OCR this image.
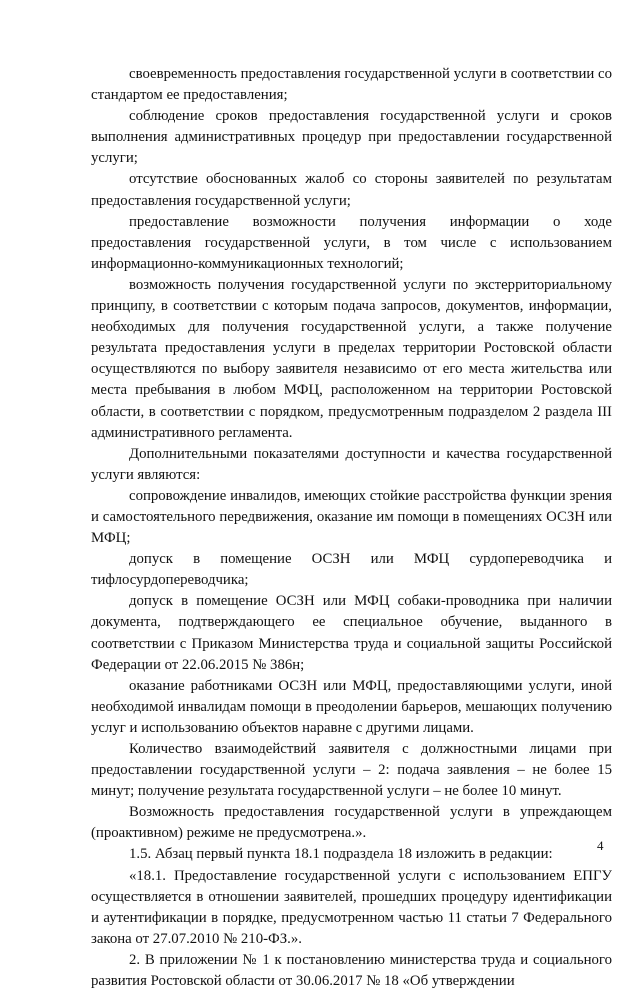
своевременность предоставления государственной услуги в соответствии со стандартом ее предоставления;

соблюдение сроков предоставления государственной услуги и сроков выполнения административных процедур при предоставлении государственной услуги;

отсутствие обоснованных жалоб со стороны заявителей по результатам предоставления государственной услуги;

предоставление возможности получения информации о ходе предоставления государственной услуги, в том числе с использованием информационно-коммуникационных технологий;

возможность получения государственной услуги по экстерриториальному принципу, в соответствии с которым подача запросов, документов, информации, необходимых для получения государственной услуги, а также получение результата предоставления услуги в пределах территории Ростовской области осуществляются по выбору заявителя независимо от его места жительства или места пребывания в любом МФЦ, расположенном на территории Ростовской области, в соответствии с порядком, предусмотренным подразделом 2 раздела III административного регламента.

Дополнительными показателями доступности и качества государственной услуги являются:

сопровождение инвалидов, имеющих стойкие расстройства функции зрения и самостоятельного передвижения, оказание им помощи в помещениях ОСЗН или МФЦ;

допуск в помещение ОСЗН или МФЦ сурдопереводчика и тифлосурдопереводчика;

допуск в помещение ОСЗН или МФЦ собаки-проводника при наличии документа, подтверждающего ее специальное обучение, выданного в соответствии с Приказом Министерства труда и социальной защиты Российской Федерации от 22.06.2015 № 386н;

оказание работниками ОСЗН или МФЦ, предоставляющими услуги, иной необходимой инвалидам помощи в преодолении барьеров, мешающих получению услуг и использованию объектов наравне с другими лицами.

Количество взаимодействий заявителя с должностными лицами при предоставлении государственной услуги – 2: подача заявления – не более 15 минут; получение результата государственной услуги – не более 10 минут.

Возможность предоставления государственной услуги в упреждающем (проактивном) режиме не предусмотрена.».

1.5. Абзац первый пункта 18.1 подраздела 18 изложить в редакции:

«18.1. Предоставление государственной услуги с использованием ЕПГУ осуществляется в отношении заявителей, прошедших процедуру идентификации и аутентификации в порядке, предусмотренном частью 11 статьи 7 Федерального закона от 27.07.2010 № 210-ФЗ.».

2. В приложении № 1 к постановлению министерства труда и социального развития Ростовской области от 30.06.2017 № 18 «Об утверждении

4
